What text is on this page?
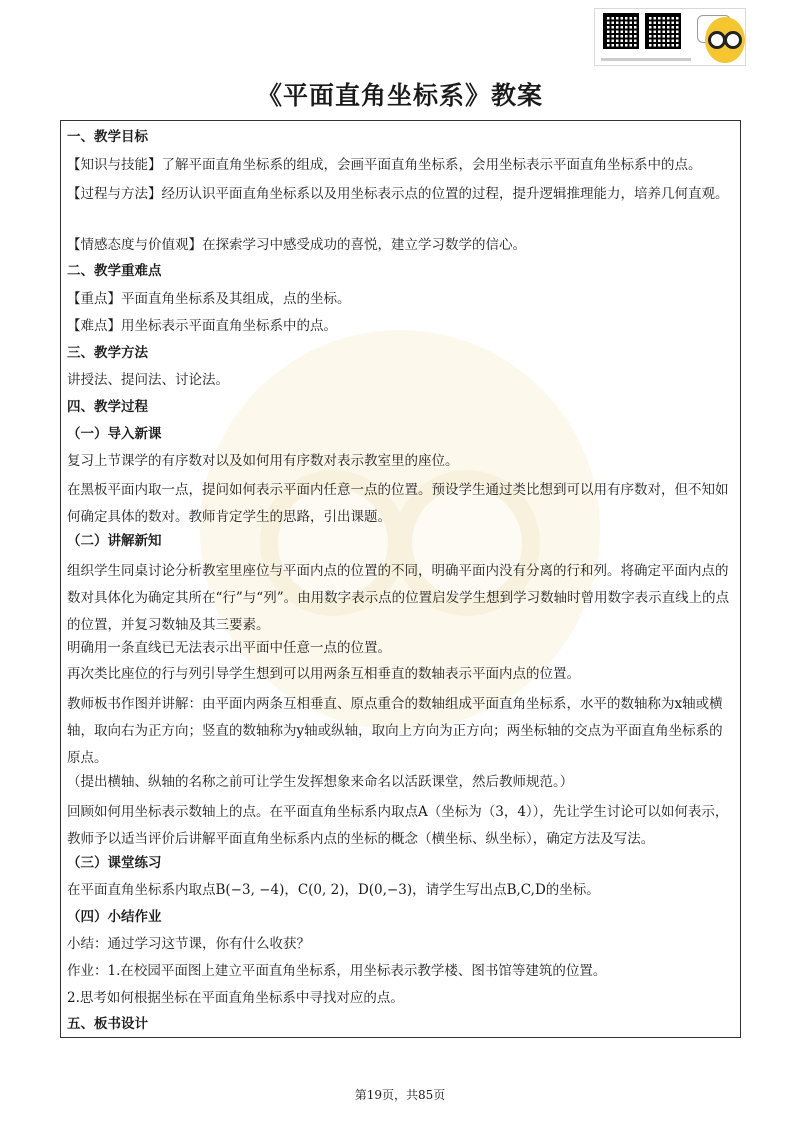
《平面直角坐标系》教案
一、教学目标
【知识与技能】了解平面直角坐标系的组成，会画平面直角坐标系，会用坐标表示平面直角坐标系中的点。
【过程与方法】经历认识平面直角坐标系以及用坐标表示点的位置的过程，提升逻辑推理能力，培养几何直观。
【情感态度与价值观】在探索学习中感受成功的喜悦，建立学习数学的信心。
二、教学重难点
【重点】平面直角坐标系及其组成，点的坐标。
【难点】用坐标表示平面直角坐标系中的点。
三、教学方法
讲授法、提问法、讨论法。
四、教学过程
（一）导入新课
复习上节课学的有序数对以及如何用有序数对表示教室里的座位。
在黑板平面内取一点，提问如何表示平面内任意一点的位置。预设学生通过类比想到可以用有序数对，但不知如何确定具体的数对。教师肯定学生的思路，引出课题。
（二）讲解新知
组织学生同桌讨论分析教室里座位与平面内点的位置的不同，明确平面内没有分离的行和列。将确定平面内点的数对具体化为确定其所在“行”与“列”。由用数字表示点的位置启发学生想到学习数轴时曾用数字表示直线上的点的位置，并复习数轴及其三要素。
明确用一条直线已无法表示出平面中任意一点的位置。
再次类比座位的行与列引导学生想到可以用两条互相垂直的数轴表示平面内点的位置。
教师板书作图并讲解：由平面内两条互相垂直、原点重合的数轴组成平面直角坐标系，水平的数轴称为x轴或横轴，取向右为正方向；竖直的数轴称为y轴或纵轴，取向上方向为正方向；两坐标轴的交点为平面直角坐标系的原点。
（提出横轴、纵轴的名称之前可让学生发挥想象来命名以活跃课堂，然后教师规范。）
回顾如何用坐标表示数轴上的点。在平面直角坐标系内取点A（坐标为（3，4）），先让学生讨论可以如何表示，教师予以适当评价后讲解平面直角坐标系内点的坐标的概念（横坐标、纵坐标），确定方法及写法。
（三）课堂练习
在平面直角坐标系内取点B(−3, −4)，C(0, 2)，D(0,−3)，请学生写出点B,C,D的坐标。
（四）小结作业
小结：通过学习这节课，你有什么收获？
作业：1.在校园平面图上建立平面直角坐标系，用坐标表示教学楼、图书馆等建筑的位置。
2.思考如何根据坐标在平面直角坐标系中寻找对应的点。
五、板书设计
第19页，共85页
